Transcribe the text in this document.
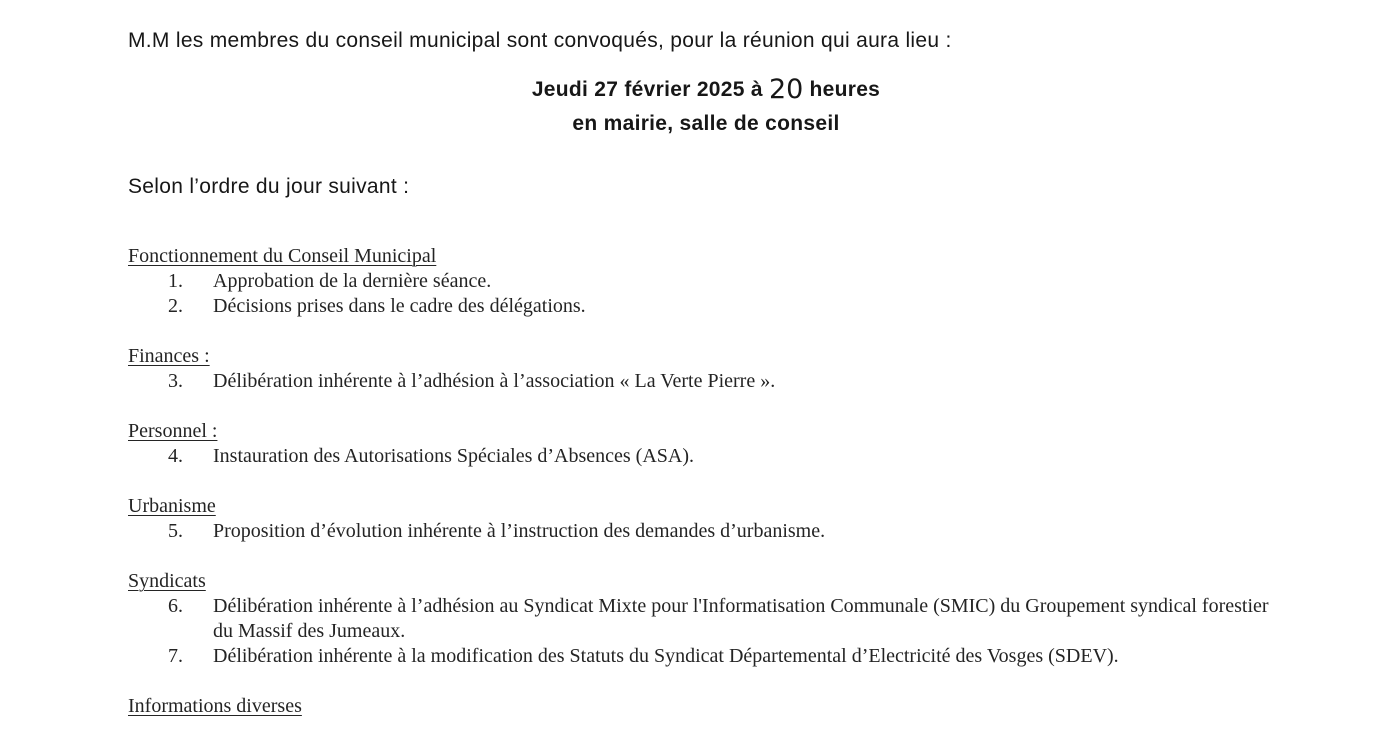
M.M les membres du conseil municipal sont convoqués, pour la réunion qui aura lieu :
Jeudi 27 février 2025 à 20 heures
en mairie, salle de conseil
Selon l’ordre du jour suivant :
Fonctionnement du Conseil Municipal
1.	Approbation de la dernière séance.
2.	Décisions prises dans le cadre des délégations.
Finances :
3.	Délibération inhérente à l’adhésion à l’association « La Verte Pierre ».
Personnel :
4.	Instauration des Autorisations Spéciales d’Absences (ASA).
Urbanisme
5.	Proposition d’évolution inhérente à l’instruction des demandes d’urbanisme.
Syndicats
6.	Délibération inhérente à l’adhésion au Syndicat Mixte pour l'Informatisation Communale (SMIC) du Groupement syndical forestier du Massif des Jumeaux.
7.	Délibération inhérente à la modification des Statuts du Syndicat Départemental d’Electricité des Vosges (SDEV).
Informations diverses
